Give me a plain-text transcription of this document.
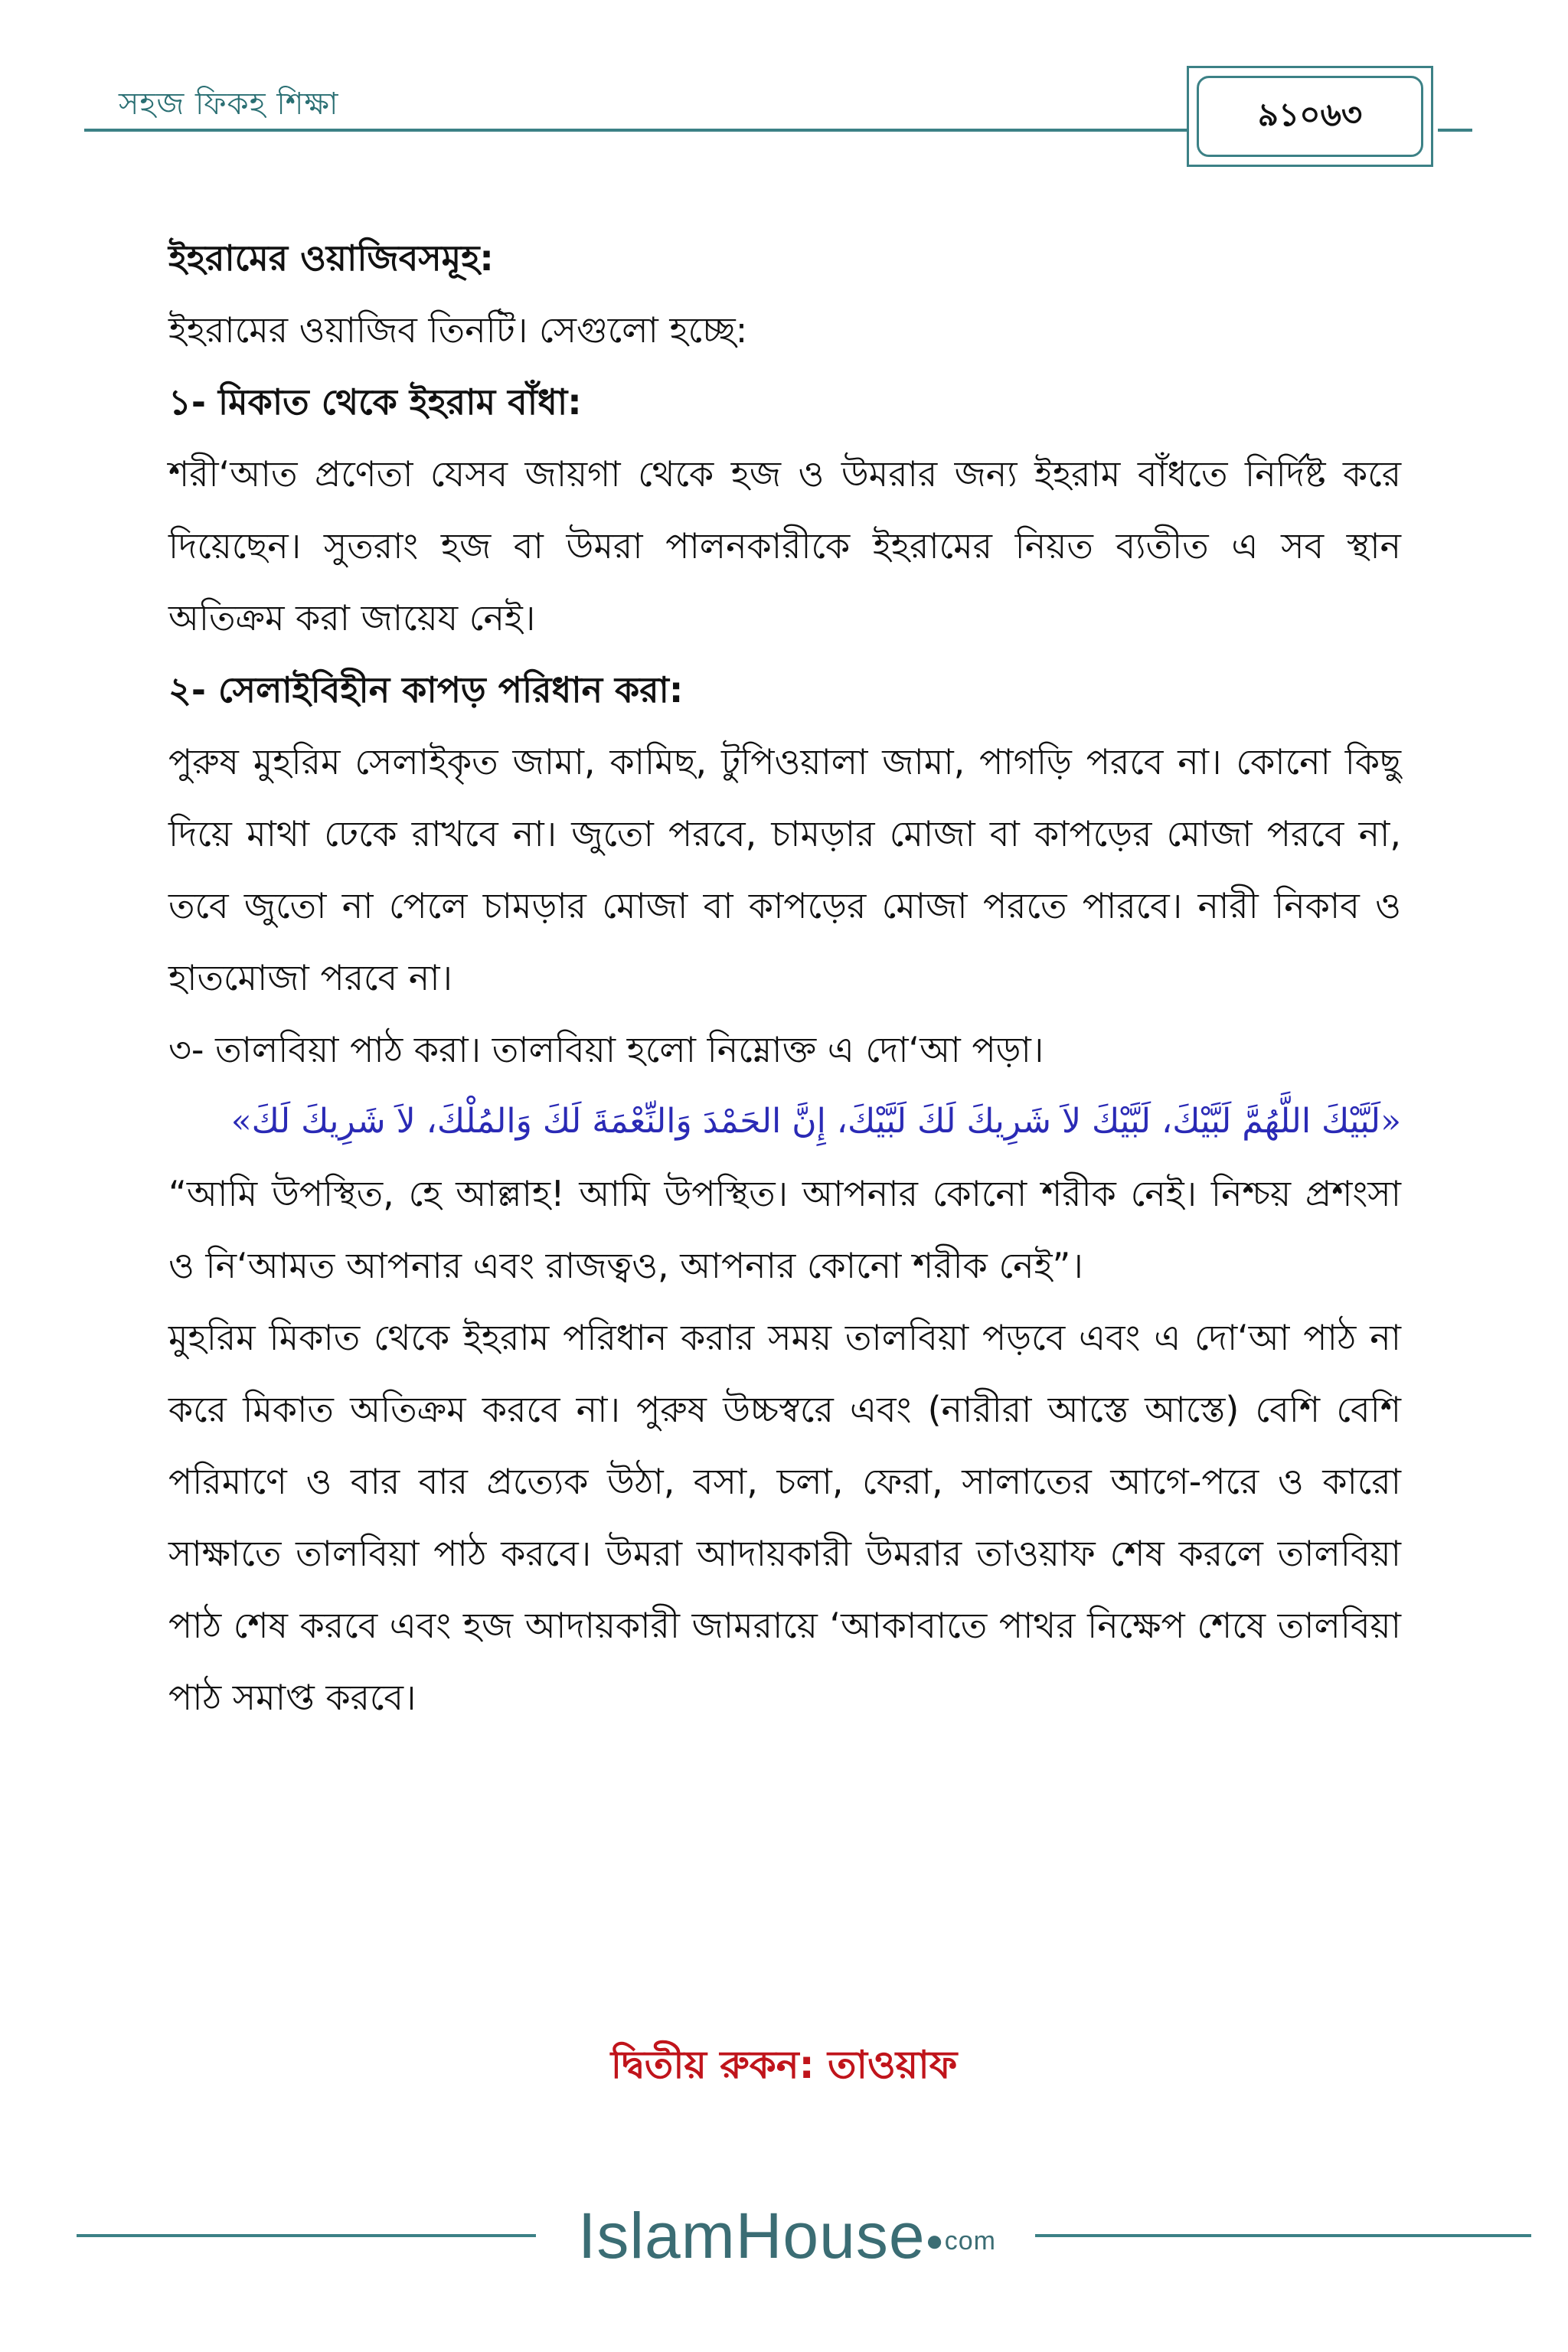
সহজ ফিকহ শিক্ষা	৯১০৬৩

ইহরামের ওয়াজিবসমূহ:

ইহরামের ওয়াজিব তিনটি। সেগুলো হচ্ছে:

১- মিকাত থেকে ইহরাম বাঁধা:

শরী‘আত প্রণেতা যেসব জায়গা থেকে হজ ও উমরার জন্য ইহরাম বাঁধতে নির্দিষ্ট করে দিয়েছেন। সুতরাং হজ বা উমরা পালনকারীকে ইহরামের নিয়ত ব্যতীত এ সব স্থান অতিক্রম করা জায়েয নেই।

২- সেলাইবিহীন কাপড় পরিধান করা:

পুরুষ মুহরিম সেলাইকৃত জামা, কামিছ, টুপিওয়ালা জামা, পাগড়ি পরবে না। কোনো কিছু দিয়ে মাথা ঢেকে রাখবে না। জুতো পরবে, চামড়ার মোজা বা কাপড়ের মোজা পরবে না, তবে জুতো না পেলে চামড়ার মোজা বা কাপড়ের মোজা পরতে পারবে। নারী নিকাব ও হাতমোজা পরবে না।

৩- তালবিয়া পাঠ করা। তালবিয়া হলো নিম্নোক্ত এ দো‘আ পড়া।

«لَبَّيْكَ اللَّهُمَّ لَبَّيْكَ، لَبَّيْكَ لاَ شَرِيكَ لَكَ لَبَّيْكَ، إِنَّ الحَمْدَ وَالنِّعْمَةَ لَكَ وَالمُلْكَ، لاَ شَرِيكَ لَكَ»

“আমি উপস্থিত, হে আল্লাহ! আমি উপস্থিত। আপনার কোনো শরীক নেই। নিশ্চয় প্রশংসা ও নি‘আমত আপনার এবং রাজত্বও, আপনার কোনো শরীক নেই”।

মুহরিম মিকাত থেকে ইহরাম পরিধান করার সময় তালবিয়া পড়বে এবং এ দো‘আ পাঠ না করে মিকাত অতিক্রম করবে না। পুরুষ উচ্চস্বরে এবং (নারীরা আস্তে আস্তে) বেশি বেশি পরিমাণে ও বার বার প্রত্যেক উঠা, বসা, চলা, ফেরা, সালাতের আগে-পরে ও কারো সাক্ষাতে তালবিয়া পাঠ করবে। উমরা আদায়কারী উমরার তাওয়াফ শেষ করলে তালবিয়া পাঠ শেষ করবে এবং হজ আদায়কারী জামরায়ে ‘আকাবাতে পাথর নিক্ষেপ শেষে তালবিয়া পাঠ সমাপ্ত করবে।

দ্বিতীয় রুকন: তাওয়াফ
IslamHouse●com
